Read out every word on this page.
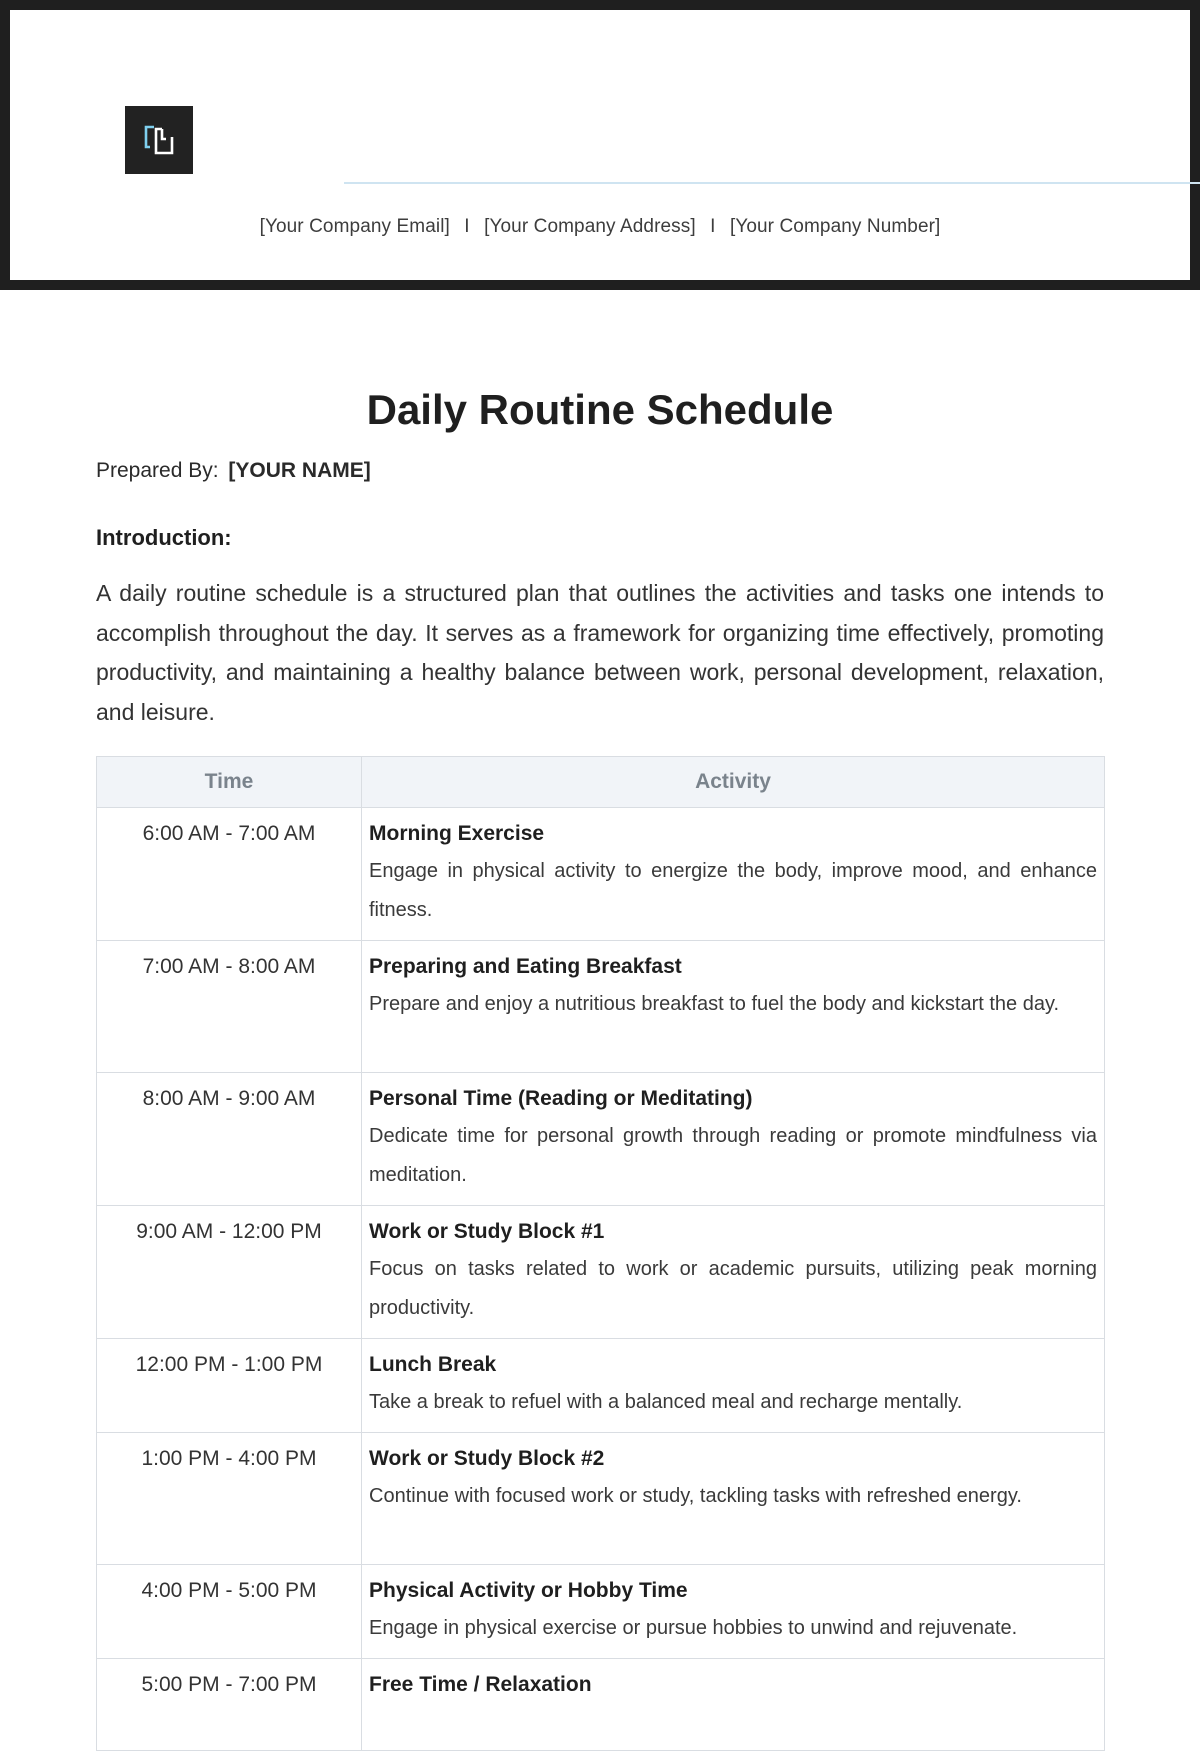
[Your Company Email] I [Your Company Address] I [Your Company Number]
Daily Routine Schedule
Prepared By: [YOUR NAME]
Introduction:
A daily routine schedule is a structured plan that outlines the activities and tasks one intends to accomplish throughout the day. It serves as a framework for organizing time effectively, promoting productivity, and maintaining a healthy balance between work, personal development, relaxation, and leisure.
Time	Activity
6:00 AM - 7:00 AM	Morning Exercise
Engage in physical activity to energize the body, improve mood, and enhance fitness.

7:00 AM - 8:00 AM	Preparing and Eating Breakfast
Prepare and enjoy a nutritious breakfast to fuel the body and kickstart the day.

8:00 AM - 9:00 AM	Personal Time (Reading or Meditating)
Dedicate time for personal growth through reading or promote mindfulness via meditation.

9:00 AM - 12:00 PM	Work or Study Block #1
Focus on tasks related to work or academic pursuits, utilizing peak morning productivity.

12:00 PM - 1:00 PM	Lunch Break
Take a break to refuel with a balanced meal and recharge mentally.

1:00 PM - 4:00 PM	Work or Study Block #2
Continue with focused work or study, tackling tasks with refreshed energy.

4:00 PM - 5:00 PM	Physical Activity or Hobby Time
Engage in physical exercise or pursue hobbies to unwind and rejuvenate.

5:00 PM - 7:00 PM	Free Time / Relaxation
